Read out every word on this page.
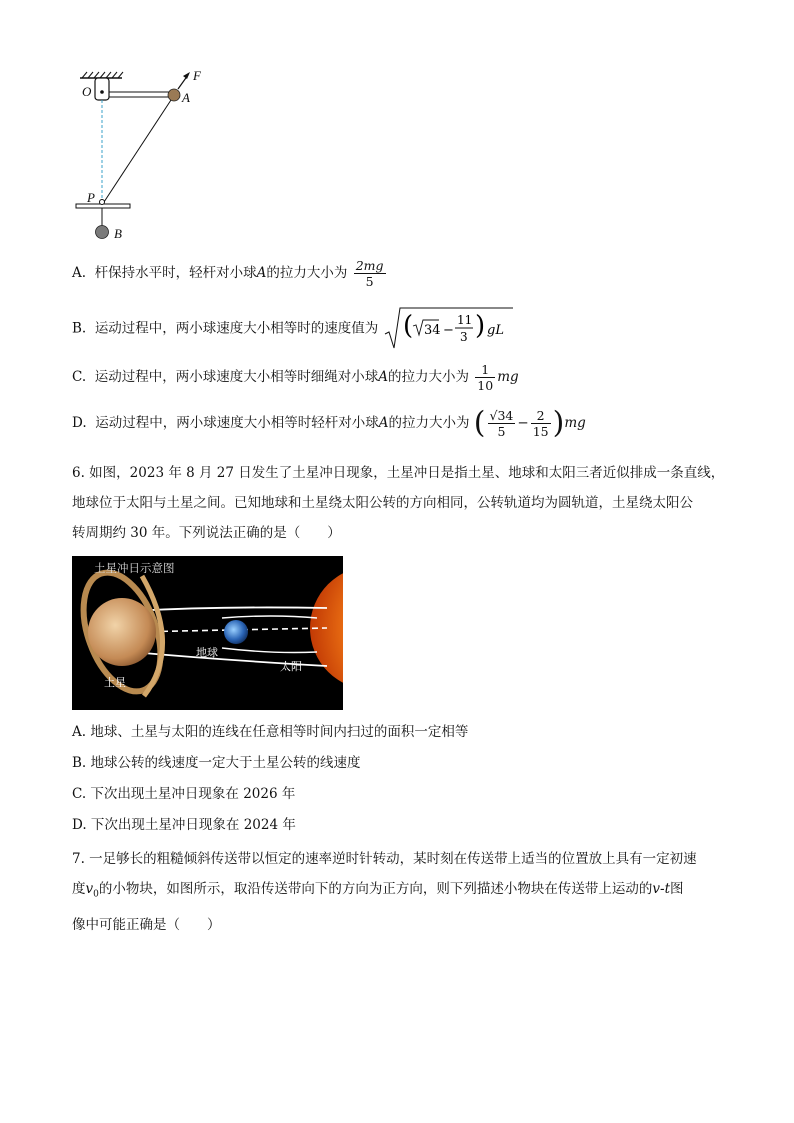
O	A
F
P
B
A. 杆保持水平时，轻杆对小球A的拉力大小为 $\frac{2mg}{5}$
B. 运动过程中，两小球速度大小相等时的速度值为 ( 34 −
11
3 ) gL
C. 运动过程中，两小球速度大小相等时细绳对小球A的拉力大小为 $\frac{1}{10}$ mg
D. 运动过程中，两小球速度大小相等时轻杆对小球A的拉力大小为 ( $\frac{√34}{5} - \frac{2}{15} )mg$
6. 如图，2023 年 8 月 27 日发生了土星冲日现象，土星冲日是指土星、地球和太阳三者近似排成一条直线，
地球位于太阳与土星之间。已知地球和土星绕太阳公转的方向相同，公转轨道均为圆轨道，土星绕太阳公
转周期约 30 年。下列说法正确的是（　　）
土星冲日示意图
地球
太阳
土星
A. 地球、土星与太阳的连线在任意相等时间内扫过的面积一定相等
B. 地球公转的线速度一定大于土星公转的线速度
C. 下次出现土星冲日现象在 2026 年
D. 下次出现土星冲日现象在 2024 年
7. 一足够长的粗糙倾斜传送带以恒定的速率逆时针转动，某时刻在传送带上适当的位置放上具有一定初速
度$v_0$的小物块，如图所示，取沿传送带向下的方向为正方向，则下列描述小物块在传送带上运动的v-t图
像中可能正确是（　　）
